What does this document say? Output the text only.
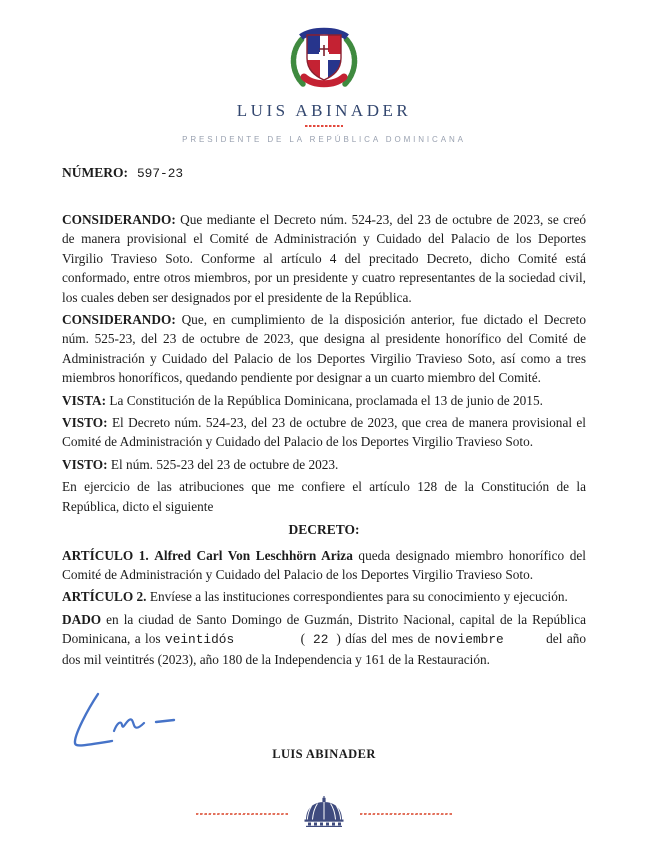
LUIS ABINADER
PRESIDENTE DE LA REPÚBLICA DOMINICANA
NÚMERO: 597-23

CONSIDERANDO: Que mediante el Decreto núm. 524-23, del 23 de octubre de 2023, se creó de manera provisional el Comité de Administración y Cuidado del Palacio de los Deportes Virgilio Travieso Soto. Conforme al artículo 4 del precitado Decreto, dicho Comité está conformado, entre otros miembros, por un presidente y cuatro representantes de la sociedad civil, los cuales deben ser designados por el presidente de la República.

CONSIDERANDO: Que, en cumplimiento de la disposición anterior, fue dictado el Decreto núm. 525-23, del 23 de octubre de 2023, que designa al presidente honorífico del Comité de Administración y Cuidado del Palacio de los Deportes Virgilio Travieso Soto, así como a tres miembros honoríficos, quedando pendiente por designar a un cuarto miembro del Comité.

VISTA: La Constitución de la República Dominicana, proclamada el 13 de junio de 2015.

VISTO: El Decreto núm. 524-23, del 23 de octubre de 2023, que crea de manera provisional el Comité de Administración y Cuidado del Palacio de los Deportes Virgilio Travieso Soto.

VISTO: El núm. 525-23 del 23 de octubre de 2023.

En ejercicio de las atribuciones que me confiere el artículo 128 de la Constitución de la República, dicto el siguiente

DECRETO:

ARTÍCULO 1. Alfred Carl Von Leschhörn Ariza queda designado miembro honorífico del Comité de Administración y Cuidado del Palacio de los Deportes Virgilio Travieso Soto.

ARTÍCULO 2. Envíese a las instituciones correspondientes para su conocimiento y ejecución.

DADO en la ciudad de Santo Domingo de Guzmán, Distrito Nacional, capital de la República Dominicana, a los veintidós	( 22 ) días del mes de noviembre	del año dos mil veintitrés (2023), año 180 de la Independencia y 161 de la Restauración.

LUIS ABINADER
